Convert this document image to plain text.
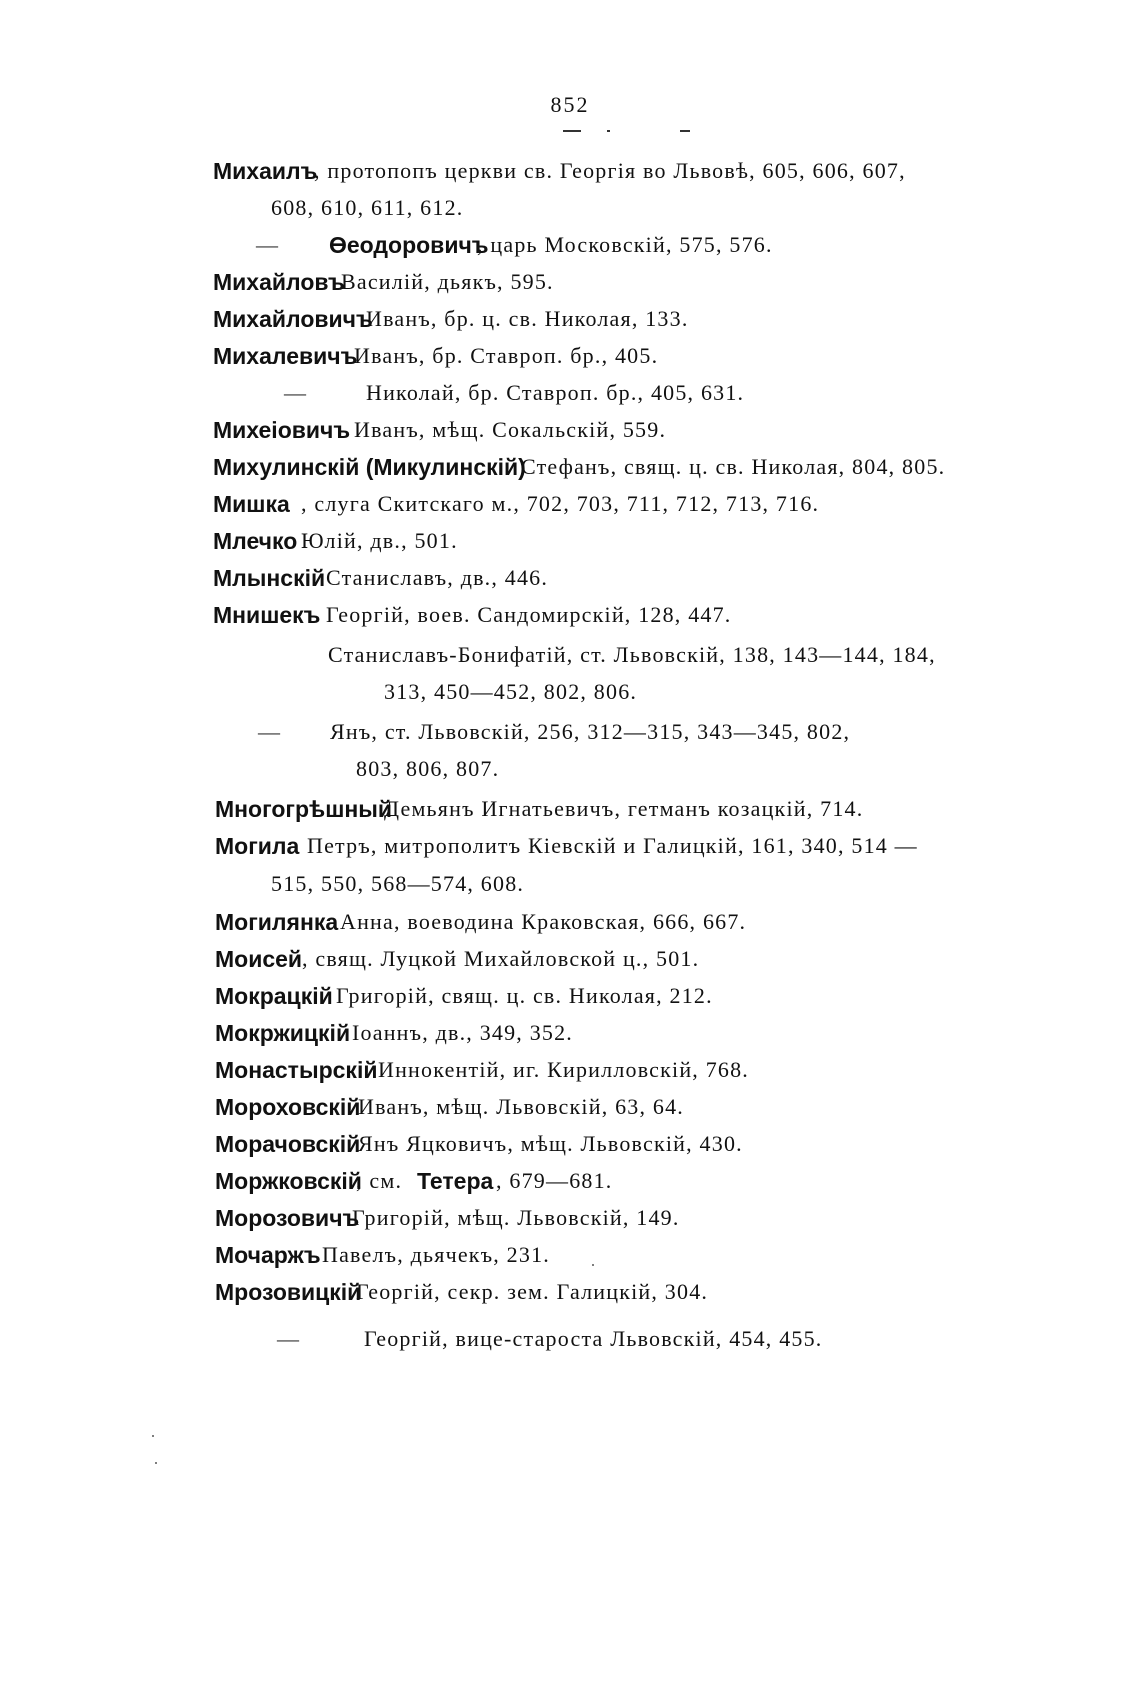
852
Михаилъ
, протопопъ церкви св. Георгія во Львовѣ, 605, 606, 607,
608, 610, 611, 612.
— Өеодоровичъ
, царь Московскій, 575, 576.
Михайловъ
Василій, дьякъ, 595.
Михайловичъ
Иванъ, бр. ц. св. Николая, 133.
Михалевичъ
Иванъ, бр. Ставроп. бр., 405.
—	Николай, бр. Ставроп. бр., 405, 631.
Михеіовичъ Иванъ, мѣщ. Сокальскій, 559.
Михулинскій (Микулинскій)
Стефанъ, свящ. ц. св. Николая, 804, 805.
Мишка , слуга Скитскаго м., 702, 703, 711, 712, 713, 716.
Млечко Юлій, дв., 501.
Млынскій Станиславъ, дв., 446.
Мнишекъ Георгій, воев. Сандомирскій, 128, 447.
Станиславъ-Бонифатій, ст. Львовскій, 138, 143—144, 184,
313, 450—452, 802, 806.
— Янъ, ст. Львовскій, 256, 312—315, 343—345, 802,
803, 806, 807.
Многогрѣшный
Демьянъ Игнатьевичъ, гетманъ козацкій, 714.
Могила Петръ, митрополитъ Кіевскій и Галицкій, 161, 340, 514 —
515, 550, 568—574, 608.
Могилянка Анна, воеводина Краковская, 666, 667.
Моисей , свящ. Луцкой Михайловской ц., 501.
Мокрацкій Григорій, свящ. ц. св. Николая, 212.
Мокржицкій Іоаннъ, дв., 349, 352.
Монастырскій Иннокентій, иг. Кирилловскій, 768.
Мороховскій
Иванъ, мѣщ. Львовскій, 63, 64.
Морачовскій
Янъ Яцковичъ, мѣщ. Львовскій, 430.
Моржковскій
, см. Тетера , 679—681.
Морозовичъ
Григорій, мѣщ. Львовскій, 149.
Мочаржъ Павелъ, дьячекъ, 231.
Мрозовицкій
Георгій, секр. зем. Галицкій, 304.
—	Георгій, вице-староста Львовскій, 454, 455.
